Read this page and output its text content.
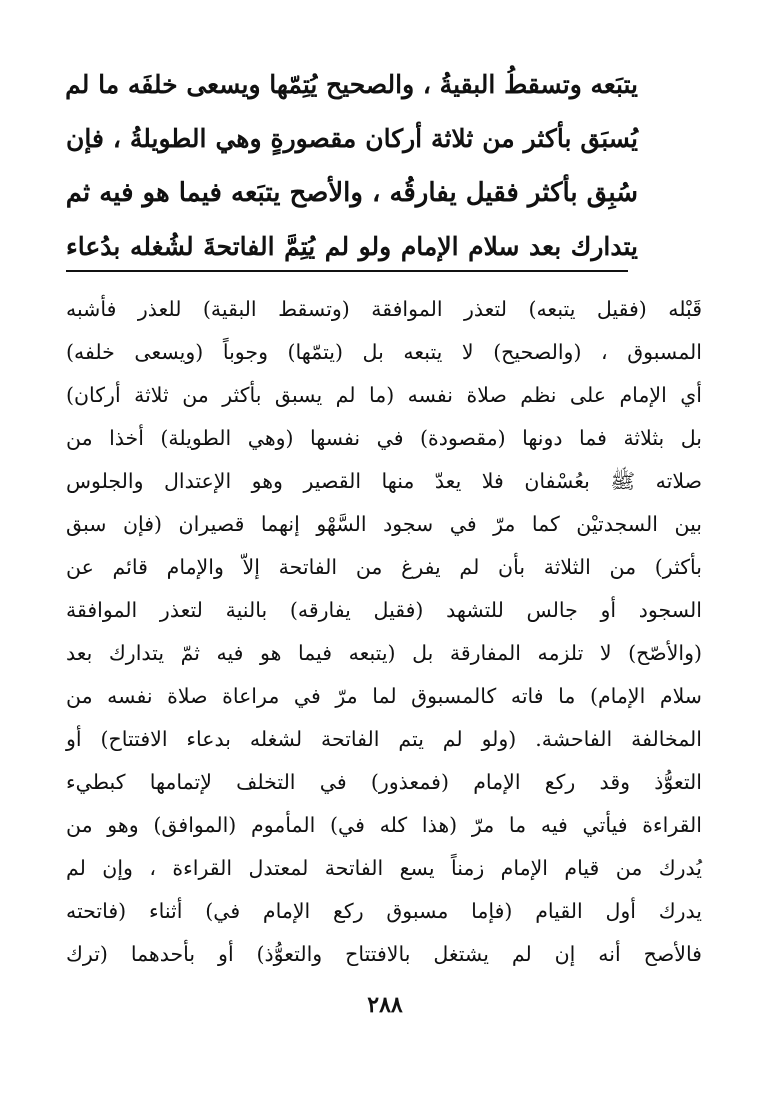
يتبَعه وتسقطُ البقيةُ ، والصحيح يُتِمّها ويسعى خلفَه ما لم
يُسبَق بأكثر من ثلاثة أركان مقصورةٍ وهي الطويلةُ ، فإن
سُبِق بأكثر فقيل يفارقُه ، والأصح يتبَعه فيما هو فيه ثم
يتدارك بعد سلام الإمام ولو لم يُتِمَّ الفاتحةَ لشُغله بدُعاء
قَبْله (فقيل يتبعه) لتعذر الموافقة (وتسقط البقية) للعذر فأشبه
المسبوق ، (والصحيح) لا يتبعه بل (يتمّها) وجوباً (ويسعى خلفه)
أي الإمام على نظم صلاة نفسه (ما لم يسبق بأكثر من ثلاثة أركان)
بل بثلاثة فما دونها (مقصودة) في نفسها (وهي الطويلة) أخذا من
صلاته ﷺ بعُسْفان فلا يعدّ منها القصير وهو الإعتدال والجلوس
بين السجدتيْن كما مرّ في سجود السَّهْو إنهما قصيران (فإن سبق
بأكثر) من الثلاثة بأن لم يفرغ من الفاتحة إلاّ والإمام قائم عن
السجود أو جالس للتشهد (فقيل يفارقه) بالنية لتعذر الموافقة
(والأصّح) لا تلزمه المفارقة بل (يتبعه فيما هو فيه ثمّ يتدارك بعد
سلام الإمام) ما فاته كالمسبوق لما مرّ في مراعاة صلاة نفسه من
المخالفة الفاحشة. (ولو لم يتم الفاتحة لشغله بدعاء الافتتاح) أو
التعوُّذ وقد ركع الإمام (فمعذور) في التخلف لإتمامها كبطيء
القراءة فيأتي فيه ما مرّ (هذا كله في) المأموم (الموافق) وهو من
يُدرك من قيام الإمام زمناً يسع الفاتحة لمعتدل القراءة ، وإن لم
يدرك أول القيام (فإما مسبوق ركع الإمام في) أثناء (فاتحته
فالأصح أنه إن لم يشتغل بالافتتاح والتعوُّذ) أو بأحدهما (ترك
٢٨٨
